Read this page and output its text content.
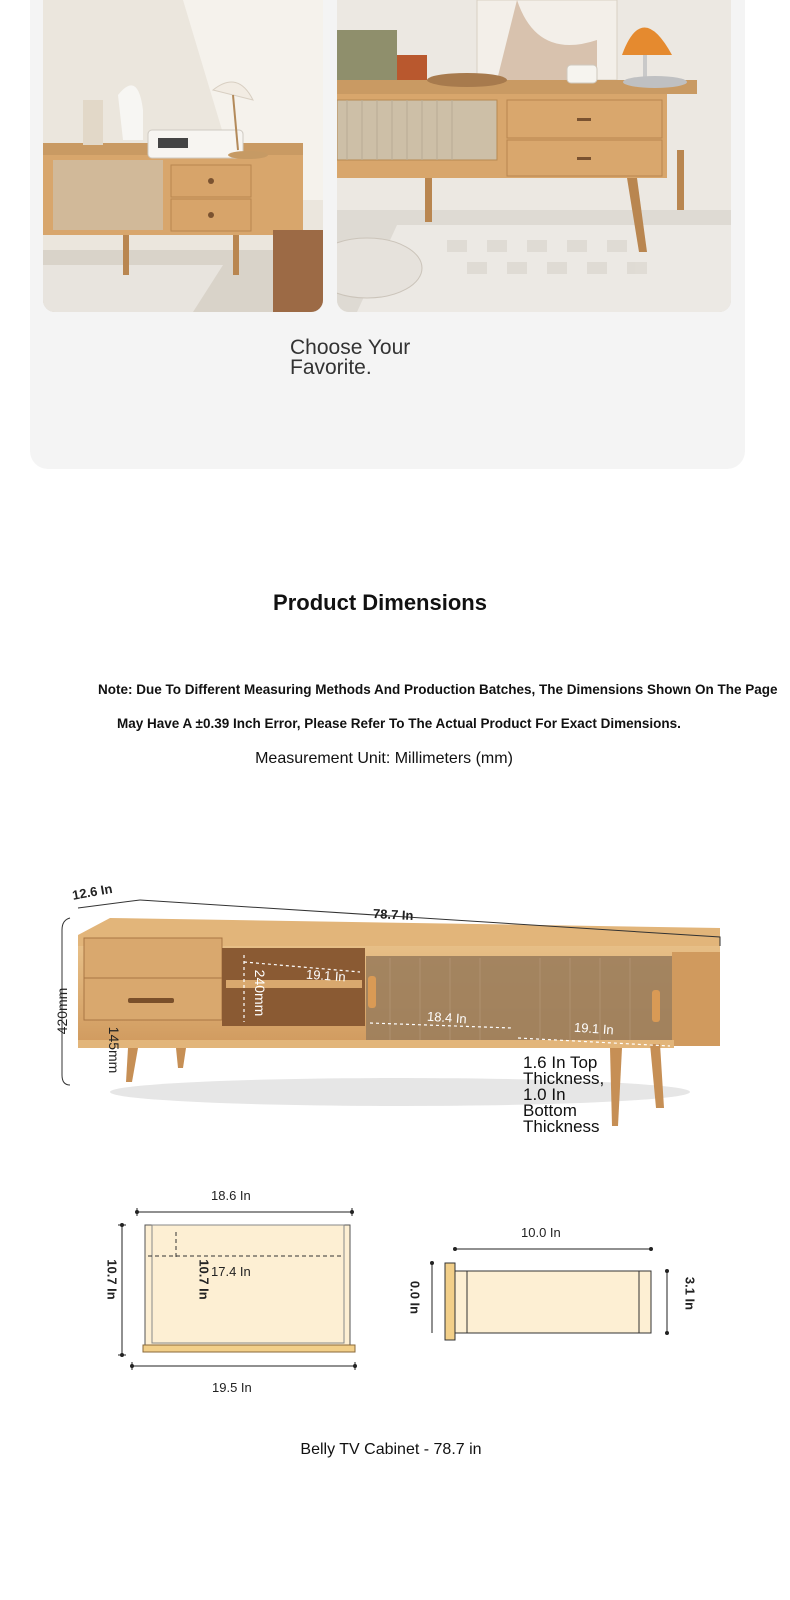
Choose Your
Favorite.
Product Dimensions
Note: Due To Different Measuring Methods And Production Batches, The Dimensions Shown On The Page
May Have A ±0.39 Inch Error, Please Refer To The Actual Product For Exact Dimensions.
Measurement Unit: Millimeters (mm)
12.6 In
78.7 In
420mm
145mm
240mm	19.1 In
18.4 In
19.1 In
1.6 In Top
Thickness,
1.0 In
Bottom
Thickness
18.6 In
10.7 In	10.7 In 17.4 In
19.5 In
10.0 In
0.0 In	3.1 In
Belly TV Cabinet - 78.7 in
